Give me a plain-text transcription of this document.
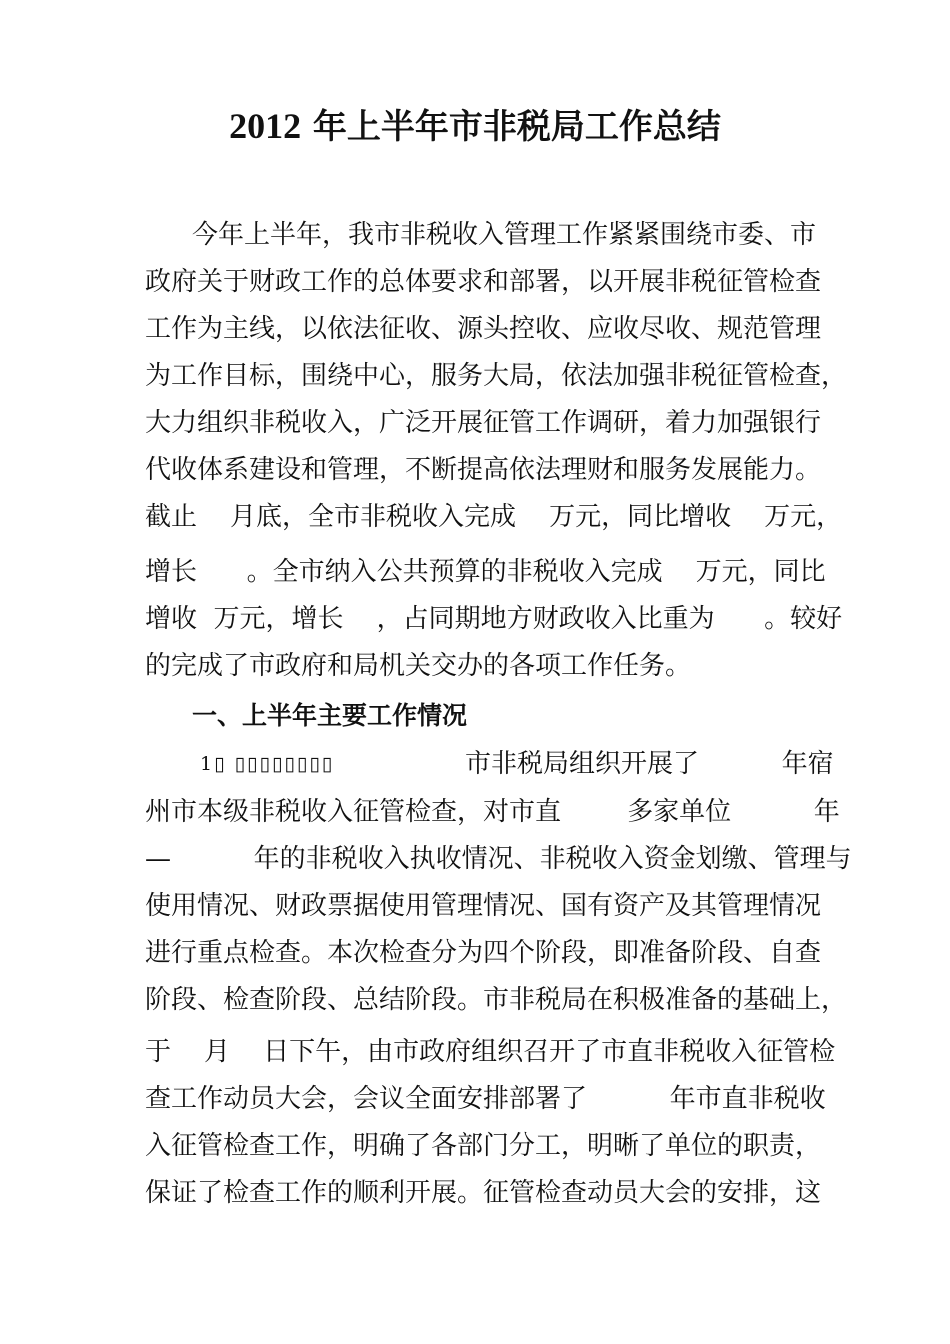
2012 年上半年市非税局工作总结
今年上半年，我市非税收入管理工作紧紧围绕市委、市
政府关于财政工作的总体要求和部署，以开展非税征管检查
工作为主线，以依法征收、源头控收、应收尽收、规范管理
为工作目标，围绕中心，服务大局，依法加强非税征管检查，
大力组织非税收入，广泛开展征管工作调研，着力加强银行
代收体系建设和管理，不断提高依法理财和服务发展能力。
截止    月底，全市非税收入完成    万元，同比增收    万元，
增长      。全市纳入公共预算的非税收入完成    万元，同比
增收  万元，增长    ，占同期地方财政收入比重为      。较好
的完成了市政府和局机关交办的各项工作任务。
一、上半年主要工作情况
1▯ ▯▯▯▯▯▯▯▯	市非税局组织开展了          年宿
州市本级非税收入征管检查，对市直        多家单位          年
—          年的非税收入执收情况、非税收入资金划缴、管理与
使用情况、财政票据使用管理情况、国有资产及其管理情况
进行重点检查。本次检查分为四个阶段，即准备阶段、自查
阶段、检查阶段、总结阶段。市非税局在积极准备的基础上，
于    月    日下午，由市政府组织召开了市直非税收入征管检
查工作动员大会，会议全面安排部署了          年市直非税收
入征管检查工作，明确了各部门分工，明晰了单位的职责，
保证了检查工作的顺利开展。征管检查动员大会的安排，这
